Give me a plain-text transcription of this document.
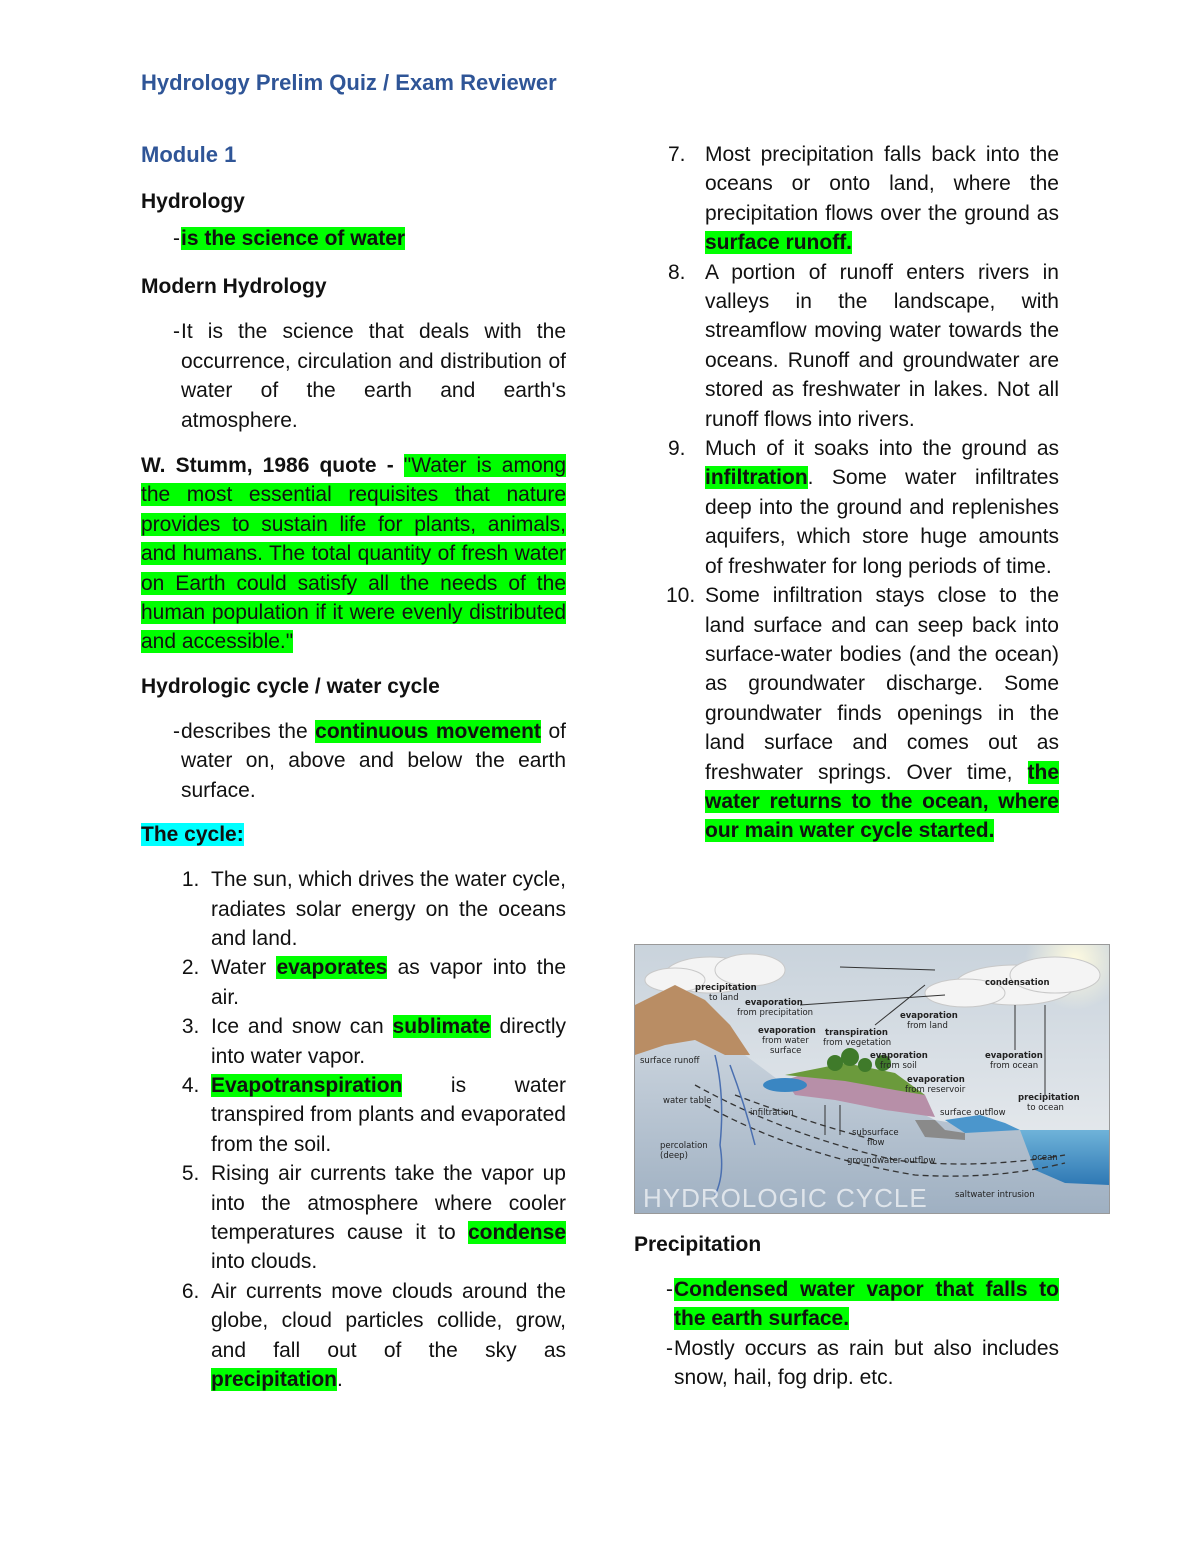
Hydrology Prelim Quiz / Exam Reviewer
Module 1
Hydrology
- is the science of water
Modern Hydrology
- It is the science that deals with the occurrence, circulation and distribution of water of the earth and earth's atmosphere.
W. Stumm, 1986 quote - "Water is among the most essential requisites that nature provides to sustain life for plants, animals, and humans. The total quantity of fresh water on Earth could satisfy all the needs of the human population if it were evenly distributed and accessible."
Hydrologic cycle / water cycle
- describes the continuous movement of water on, above and below the earth surface.
The cycle:
1. The sun, which drives the water cycle, radiates solar energy on the oceans and land.
2. Water evaporates as vapor into the air.
3. Ice and snow can sublimate directly into water vapor.
4. Evapotranspiration is water transpired from plants and evaporated from the soil.
5. Rising air currents take the vapor up into the atmosphere where cooler temperatures cause it to condense into clouds.
6. Air currents move clouds around the globe, cloud particles collide, grow, and fall out of the sky as precipitation.
7. Most precipitation falls back into the oceans or onto land, where the precipitation flows over the ground as surface runoff.
8. A portion of runoff enters rivers in valleys in the landscape, with streamflow moving water towards the oceans. Runoff and groundwater are stored as freshwater in lakes. Not all runoff flows into rivers.
9. Much of it soaks into the ground as infiltration. Some water infiltrates deep into the ground and replenishes aquifers, which store huge amounts of freshwater for long periods of time.
10. Some infiltration stays close to the land surface and can seep back into surface-water bodies (and the ocean) as groundwater discharge. Some groundwater finds openings in the land surface and comes out as freshwater springs. Over time, the water returns to the ocean, where our main water cycle started.
precipitation
to land evaporation
from precipitation
condensation
evaporation
from land
evaporation
from water
surface
transpiration
from vegetation
surface runoff	evaporation
from soil
evaporation
from ocean
evaporation
from reservoir
water table
infiltration	surface outflow
precipitation
to ocean
subsurface
flow
percolation
(deep)	groundwater outflow	ocean
saltwater intrusion
HYDROLOGIC CYCLE
Precipitation
- Condensed water vapor that falls to the earth surface.
- Mostly occurs as rain but also includes snow, hail, fog drip. etc.
